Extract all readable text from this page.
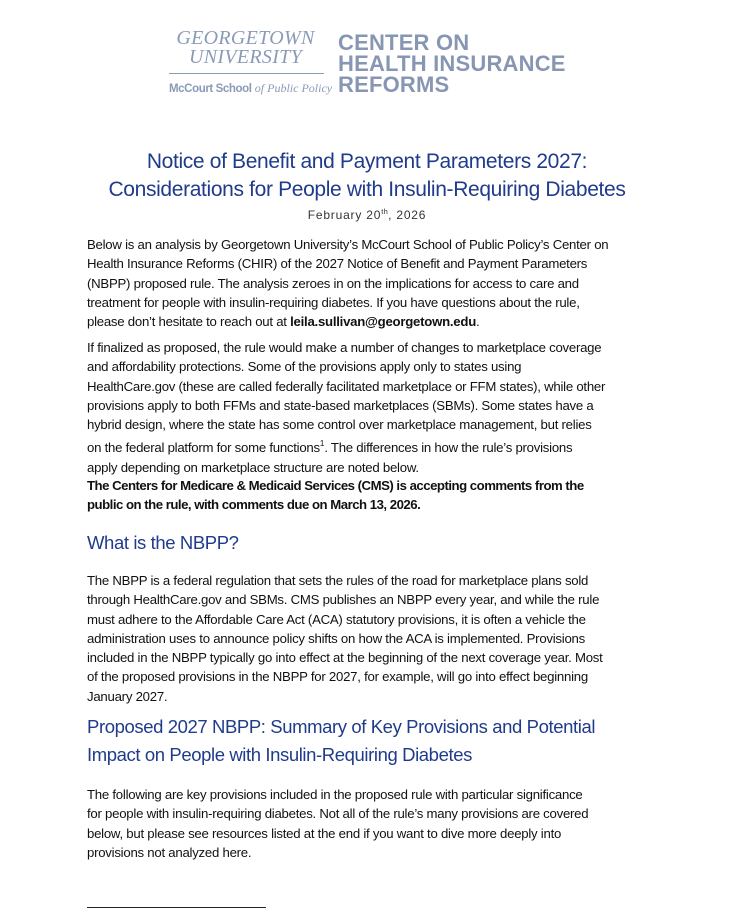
GEORGETOWN
UNIVERSITY
McCourt School of Public Policy
CENTER ON
HEALTH INSURANCE
REFORMS
Notice of Benefit and Payment Parameters 2027:
Considerations for People with Insulin-Requiring Diabetes
February 20th, 2026
Below is an analysis by Georgetown University’s McCourt School of Public Policy’s Center on
Health Insurance Reforms (CHIR) of the 2027 Notice of Benefit and Payment Parameters
(NBPP) proposed rule. The analysis zeroes in on the implications for access to care and
treatment for people with insulin-requiring diabetes. If you have questions about the rule,
please don’t hesitate to reach out at leila.sullivan@georgetown.edu.
If finalized as proposed, the rule would make a number of changes to marketplace coverage
and affordability protections. Some of the provisions apply only to states using
HealthCare.gov (these are called federally facilitated marketplace or FFM states), while other
provisions apply to both FFMs and state-based marketplaces (SBMs). Some states have a
hybrid design, where the state has some control over marketplace management, but relies
on the federal platform for some functions$^1$. The differences in how the rule’s provisions
apply depending on marketplace structure are noted below.
The Centers for Medicare & Medicaid Services (CMS) is accepting comments from the
public on the rule, with comments due on March 13, 2026.
What is the NBPP?
The NBPP is a federal regulation that sets the rules of the road for marketplace plans sold
through HealthCare.gov and SBMs. CMS publishes an NBPP every year, and while the rule
must adhere to the Affordable Care Act (ACA) statutory provisions, it is often a vehicle the
administration uses to announce policy shifts on how the ACA is implemented. Provisions
included in the NBPP typically go into effect at the beginning of the next coverage year. Most
of the proposed provisions in the NBPP for 2027, for example, will go into effect beginning
January 2027.
Proposed 2027 NBPP: Summary of Key Provisions and Potential
Impact on People with Insulin-Requiring Diabetes
The following are key provisions included in the proposed rule with particular significance
for people with insulin-requiring diabetes. Not all of the rule’s many provisions are covered
below, but please see resources listed at the end if you want to dive more deeply into
provisions not analyzed here.
